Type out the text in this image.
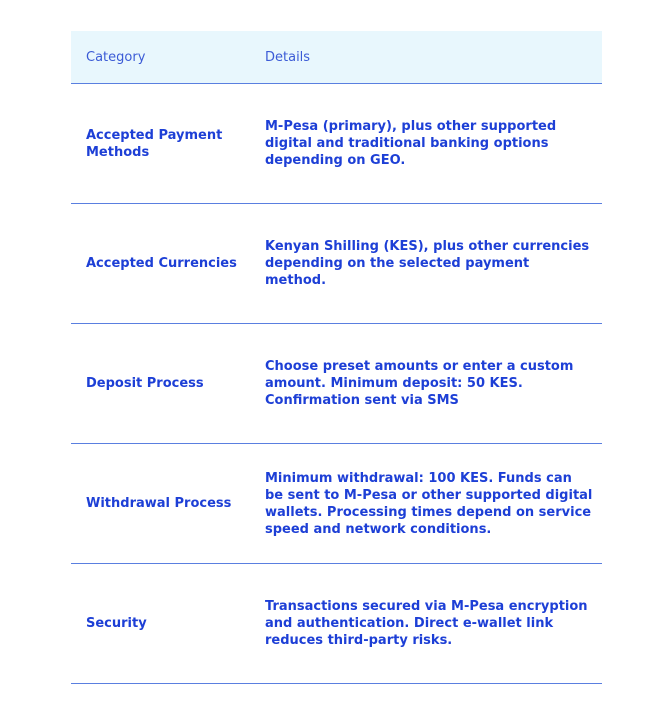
Category	Details
Accepted Payment Methods
M-Pesa (primary), plus other supported digital and traditional banking options depending on GEO.
Accepted Currencies
Kenyan Shilling (KES), plus other currencies depending on the selected payment method.
Deposit Process
Choose preset amounts or enter a custom amount. Minimum deposit: 50 KES. Confirmation sent via SMS
Withdrawal Process
Minimum withdrawal: 100 KES. Funds can be sent to M-Pesa or other supported digital wallets. Processing times depend on service speed and network conditions.
Security
Transactions secured via M-Pesa encryption and authentication. Direct e-wallet link reduces third-party risks.
